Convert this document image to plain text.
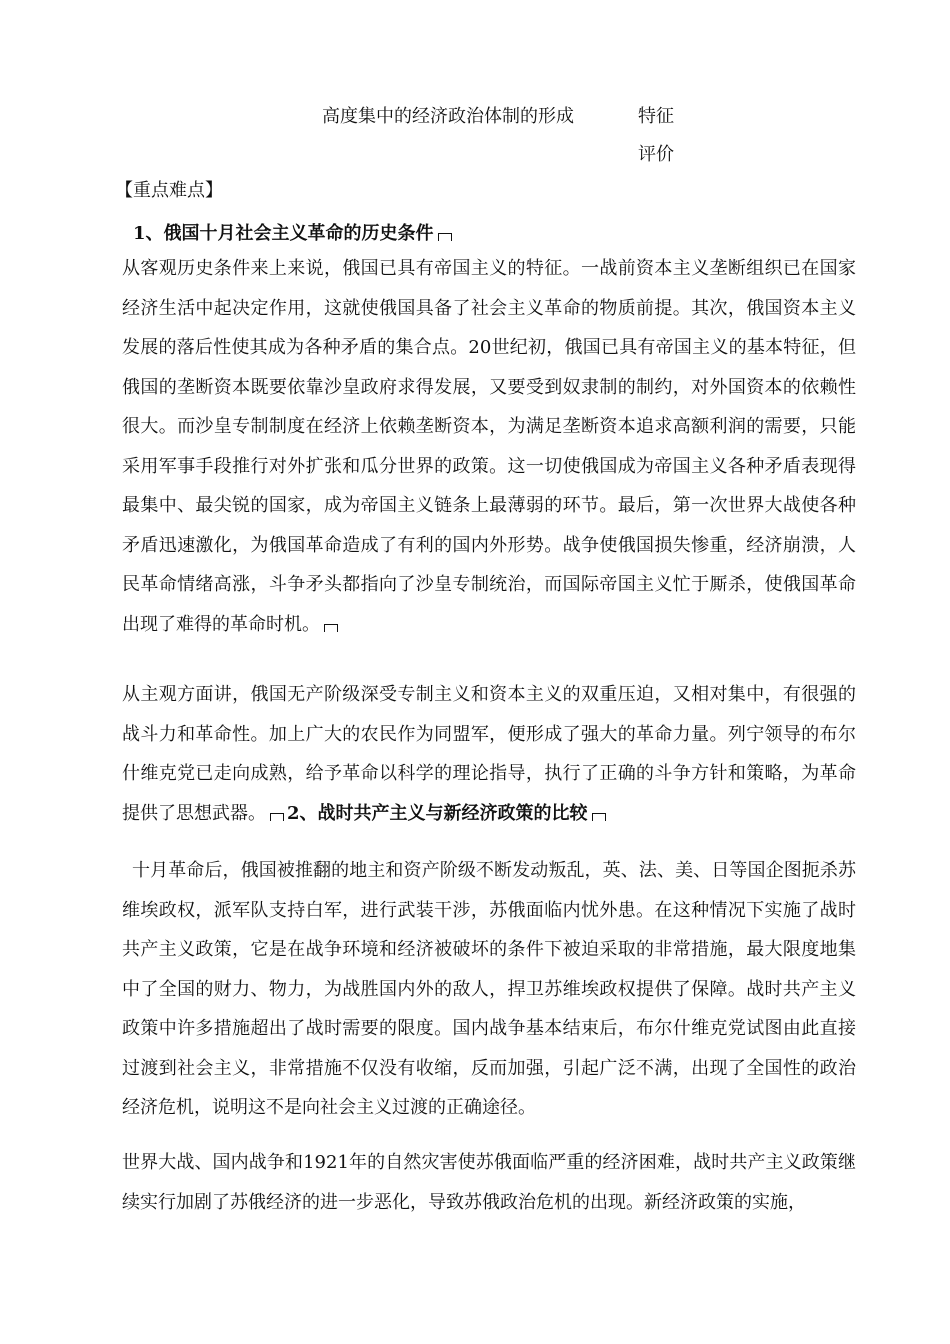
高度集中的经济政治体制的形成	特征
评价
【重点难点】
1、俄国十月社会主义革命的历史条件

从客观历史条件来上来说，俄国已具有帝国主义的特征。一战前资本主义垄断组织已在国家经济生活中起决定作用，这就使俄国具备了社会主义革命的物质前提。其次，俄国资本主义发展的落后性使其成为各种矛盾的集合点。20世纪初，俄国已具有帝国主义的基本特征，但俄国的垄断资本既要依靠沙皇政府求得发展，又要受到奴隶制的制约，对外国资本的依赖性很大。而沙皇专制制度在经济上依赖垄断资本，为满足垄断资本追求高额利润的需要，只能采用军事手段推行对外扩张和瓜分世界的政策。这一切使俄国成为帝国主义各种矛盾表现得最集中、最尖锐的国家，成为帝国主义链条上最薄弱的环节。最后，第一次世界大战使各种矛盾迅速激化，为俄国革命造成了有利的国内外形势。战争使俄国损失惨重，经济崩溃，人民革命情绪高涨，斗争矛头都指向了沙皇专制统治，而国际帝国主义忙于厮杀，使俄国革命出现了难得的革命时机。

从主观方面讲，俄国无产阶级深受专制主义和资本主义的双重压迫，又相对集中，有很强的战斗力和革命性。加上广大的农民作为同盟军，便形成了强大的革命力量。列宁领导的布尔什维克党已走向成熟，给予革命以科学的理论指导，执行了正确的斗争方针和策略，为革命提供了思想武器。 2、战时共产主义与新经济政策的比较

十月革命后，俄国被推翻的地主和资产阶级不断发动叛乱，英、法、美、日等国企图扼杀苏 维埃政权，派军队支持白军，进行武装干涉，苏俄面临内忧外患。在这种情况下实施了战时 共产主义政策，它是在战争环境和经济被破坏的条件下被迫采取的非常措施，最大限度地集 中了全国的财力、物力，为战胜国内外的敌人，捍卫苏维埃政权提供了保障。战时共产主义 政策中许多措施超出了战时需要的限度。国内战争基本结束后，布尔什维克党试图由此直接 过渡到社会主义，非常措施不仅没有收缩，反而加强，引起广泛不满，出现了全国性的政治 经济危机，说明这不是向社会主义过渡的正确途径。

世界大战、国内战争和1921年的自然灾害使苏俄面临严重的经济困难，战时共产主义政策继续实行加剧了苏俄经济的进一步恶化，导致苏俄政治危机的出现。新经济政策的实施，
